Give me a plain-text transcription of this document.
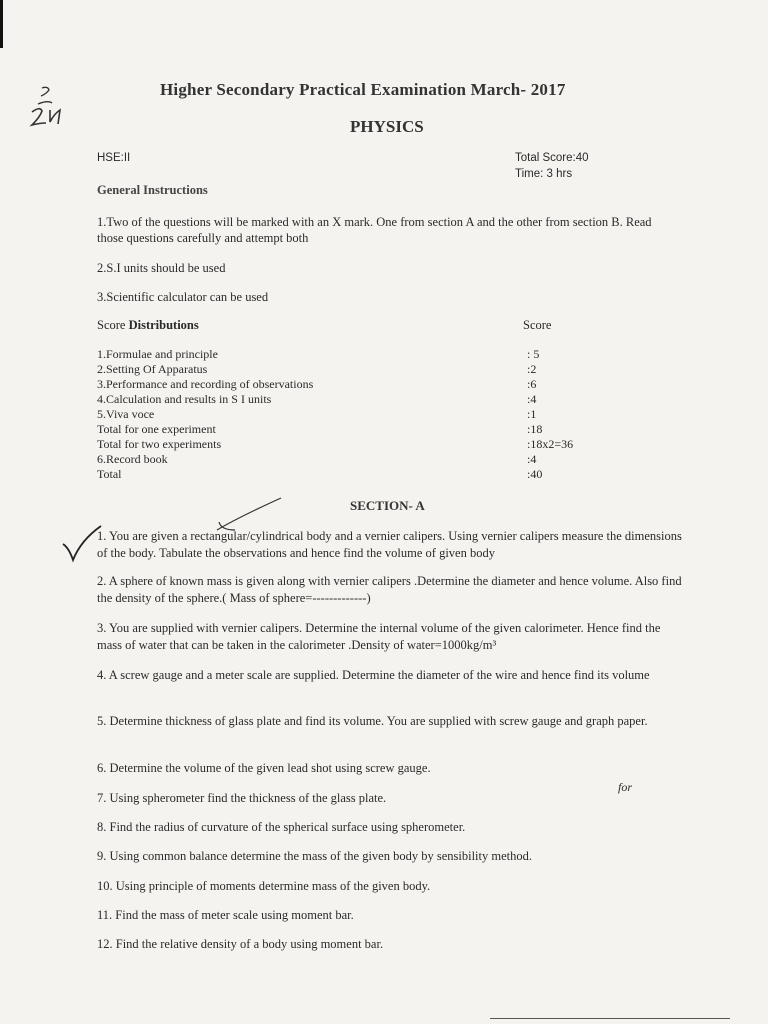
Higher Secondary Practical Examination March- 2017
PHYSICS
HSE:II	Total Score:40
Time: 3 hrs
General Instructions
1.Two of the questions will be marked with an X mark. One from section A and the other from section B. Read those questions carefully and attempt both
2.S.I units should be used
3.Scientific calculator can be used
Score Distributions	Score
1.Formulae and principle	: 5
2.Setting Of Apparatus	:2
3.Performance and recording of observations	:6
4.Calculation and results in S I units	:4
5.Viva voce	:1
Total for one experiment	:18
Total for two experiments	:18x2=36
6.Record book	:4
Total	:40
SECTION- A
1. You are given a rectangular/cylindrical body and a vernier calipers. Using vernier calipers measure the dimensions of the body. Tabulate the observations and hence find the volume of given body
2. A sphere of known mass is given along with vernier calipers .Determine the diameter and hence volume. Also find the density of the sphere.( Mass of sphere=-------------)
3. You are supplied with vernier calipers. Determine the internal volume of the given calorimeter. Hence find the mass of water that can be taken in the calorimeter .Density of water=1000kg/m³
4. A screw gauge and a meter scale are supplied. Determine the diameter of the wire and hence find its volume
5. Determine thickness of glass plate and find its volume. You are supplied with screw gauge and graph paper.
6. Determine the volume of the given lead shot using screw gauge.
7. Using spherometer find the thickness of the glass plate.
8. Find the radius of curvature of the spherical surface using spherometer.
9. Using common balance determine the mass of the given body by sensibility method.
10. Using principle of moments determine mass of the given body.
11. Find the mass of meter scale using moment bar.
12. Find the relative density of a body using moment bar.
for
